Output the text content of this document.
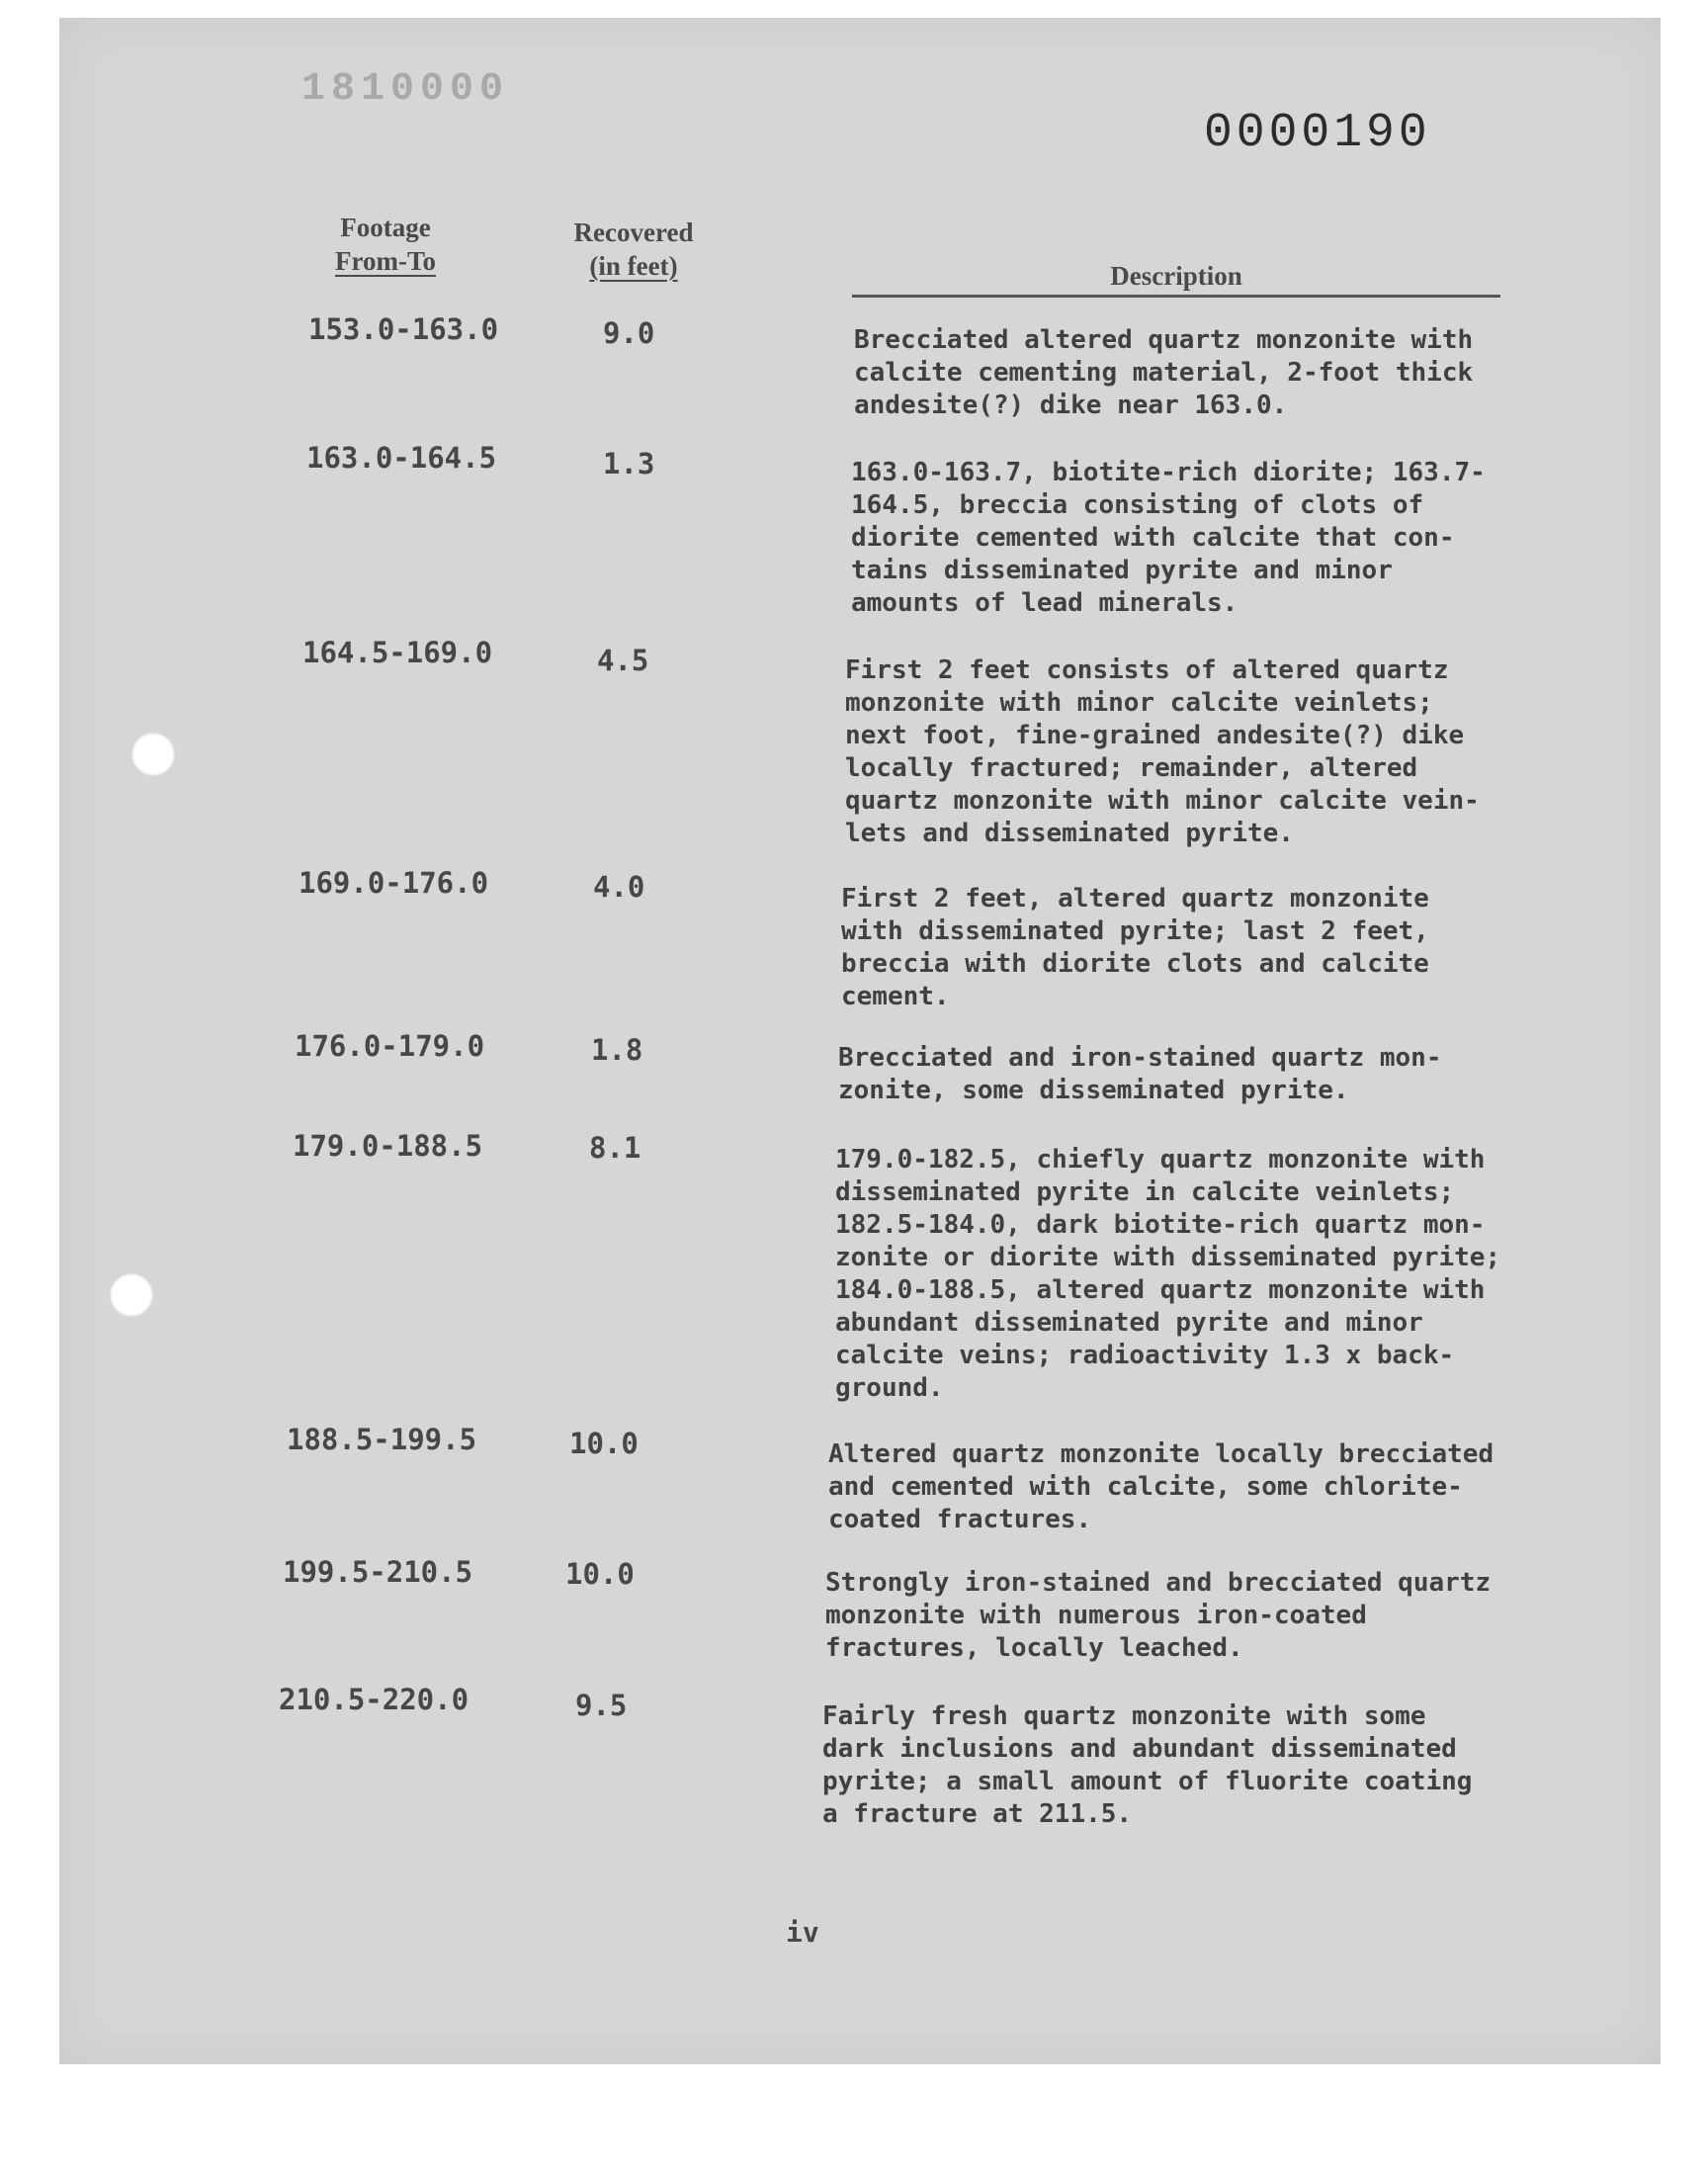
1810000
0000190
Footage
From-To
Recovered
(in feet)	Description
153.0-163.0	9.0	Brecciated altered quartz monzonite with
calcite cementing material, 2-foot thick
andesite(?) dike near 163.0.

163.0-164.5	1.3	163.0-163.7, biotite-rich diorite; 163.7-
164.5, breccia consisting of clots of
diorite cemented with calcite that con-
tains disseminated pyrite and minor
amounts of lead minerals.

164.5-169.0	4.5	First 2 feet consists of altered quartz
monzonite with minor calcite veinlets;
next foot, fine-grained andesite(?) dike
locally fractured; remainder, altered
quartz monzonite with minor calcite vein-
lets and disseminated pyrite.

169.0-176.0	4.0	First 2 feet, altered quartz monzonite
with disseminated pyrite; last 2 feet,
breccia with diorite clots and calcite
cement.

176.0-179.0	1.8	Brecciated and iron-stained quartz mon-
zonite, some disseminated pyrite.

179.0-188.5	8.1	179.0-182.5, chiefly quartz monzonite with
disseminated pyrite in calcite veinlets;
182.5-184.0, dark biotite-rich quartz mon-
zonite or diorite with disseminated pyrite;
184.0-188.5, altered quartz monzonite with
abundant disseminated pyrite and minor
calcite veins; radioactivity 1.3 x back-
ground.

188.5-199.5	10.0	Altered quartz monzonite locally brecciated
and cemented with calcite, some chlorite-
coated fractures.

199.5-210.5	10.0	Strongly iron-stained and brecciated quartz
monzonite with numerous iron-coated
fractures, locally leached.

210.5-220.0	9.5	Fairly fresh quartz monzonite with some
dark inclusions and abundant disseminated
pyrite; a small amount of fluorite coating
a fracture at 211.5.

iv
